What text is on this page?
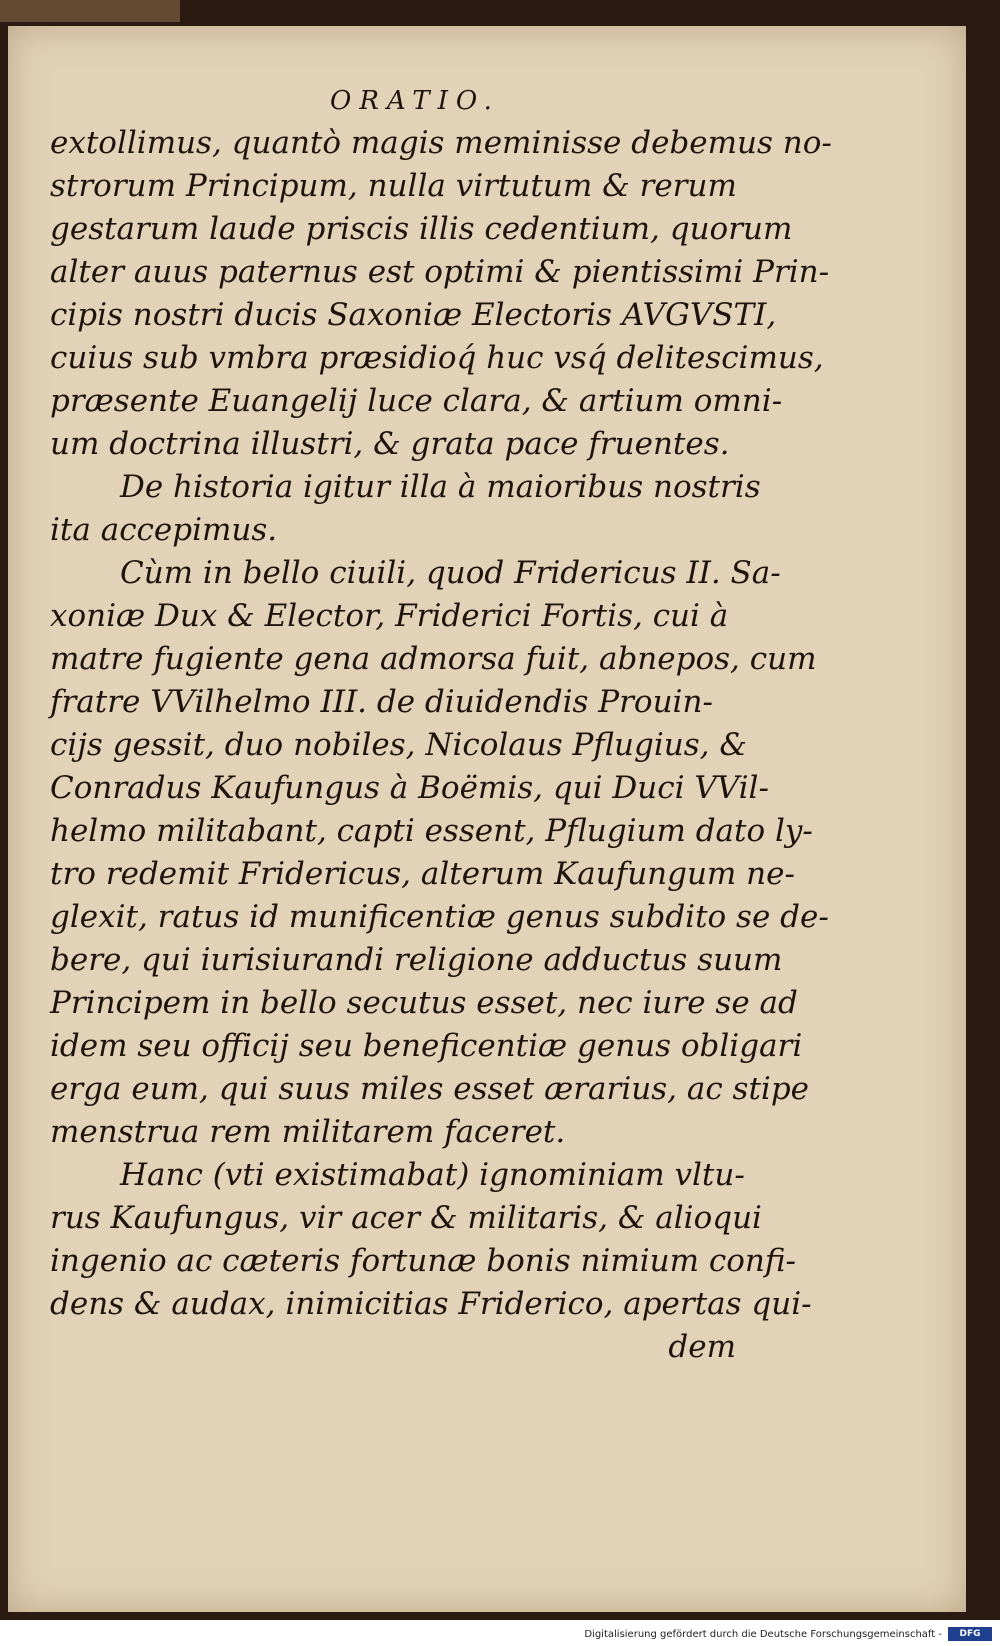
ORATIO.
extollimus, quantò magis meminisse debemus no-
strorum Principum, nulla virtutum & rerum
gestarum laude priscis illis cedentium, quorum
alter auus paternus est optimi & pientissimi Prin-
cipis nostri ducis Saxoniæ Electoris AVGVSTI,
cuius sub vmbra præsidioq́ huc vsq́ delitescimus,
præsente Euangelij luce clara, & artium omni-
um doctrina illustri, & grata pace fruentes.
De historia igitur illa à maioribus nostris
ita accepimus.
Cùm in bello ciuili, quod Fridericus II. Sa-
xoniæ Dux & Elector, Friderici Fortis, cui à
matre fugiente gena admorsa fuit, abnepos, cum
fratre VVilhelmo III. de diuidendis Prouin-
cijs gessit, duo nobiles, Nicolaus Pflugius, &
Conradus Kaufungus à Boëmis, qui Duci VVil-
helmo militabant, capti essent, Pflugium dato ly-
tro redemit Fridericus, alterum Kaufungum ne-
glexit, ratus id munificentiæ genus subdito se de-
bere, qui iurisiurandi religione adductus suum
Principem in bello secutus esset, nec iure se ad
idem seu officij seu beneficentiæ genus obligari
erga eum, qui suus miles esset ærarius, ac stipe
menstrua rem militarem faceret.
Hanc (vti existimabat) ignominiam vltu-
rus Kaufungus, vir acer & militaris, & alioqui
ingenio ac cæteris fortunæ bonis nimium confi-
dens & audax, inimicitias Friderico, apertas qui-
dem
Digitalisierung gefördert durch die Deutsche Forschungsgemeinschaft -	DFG
